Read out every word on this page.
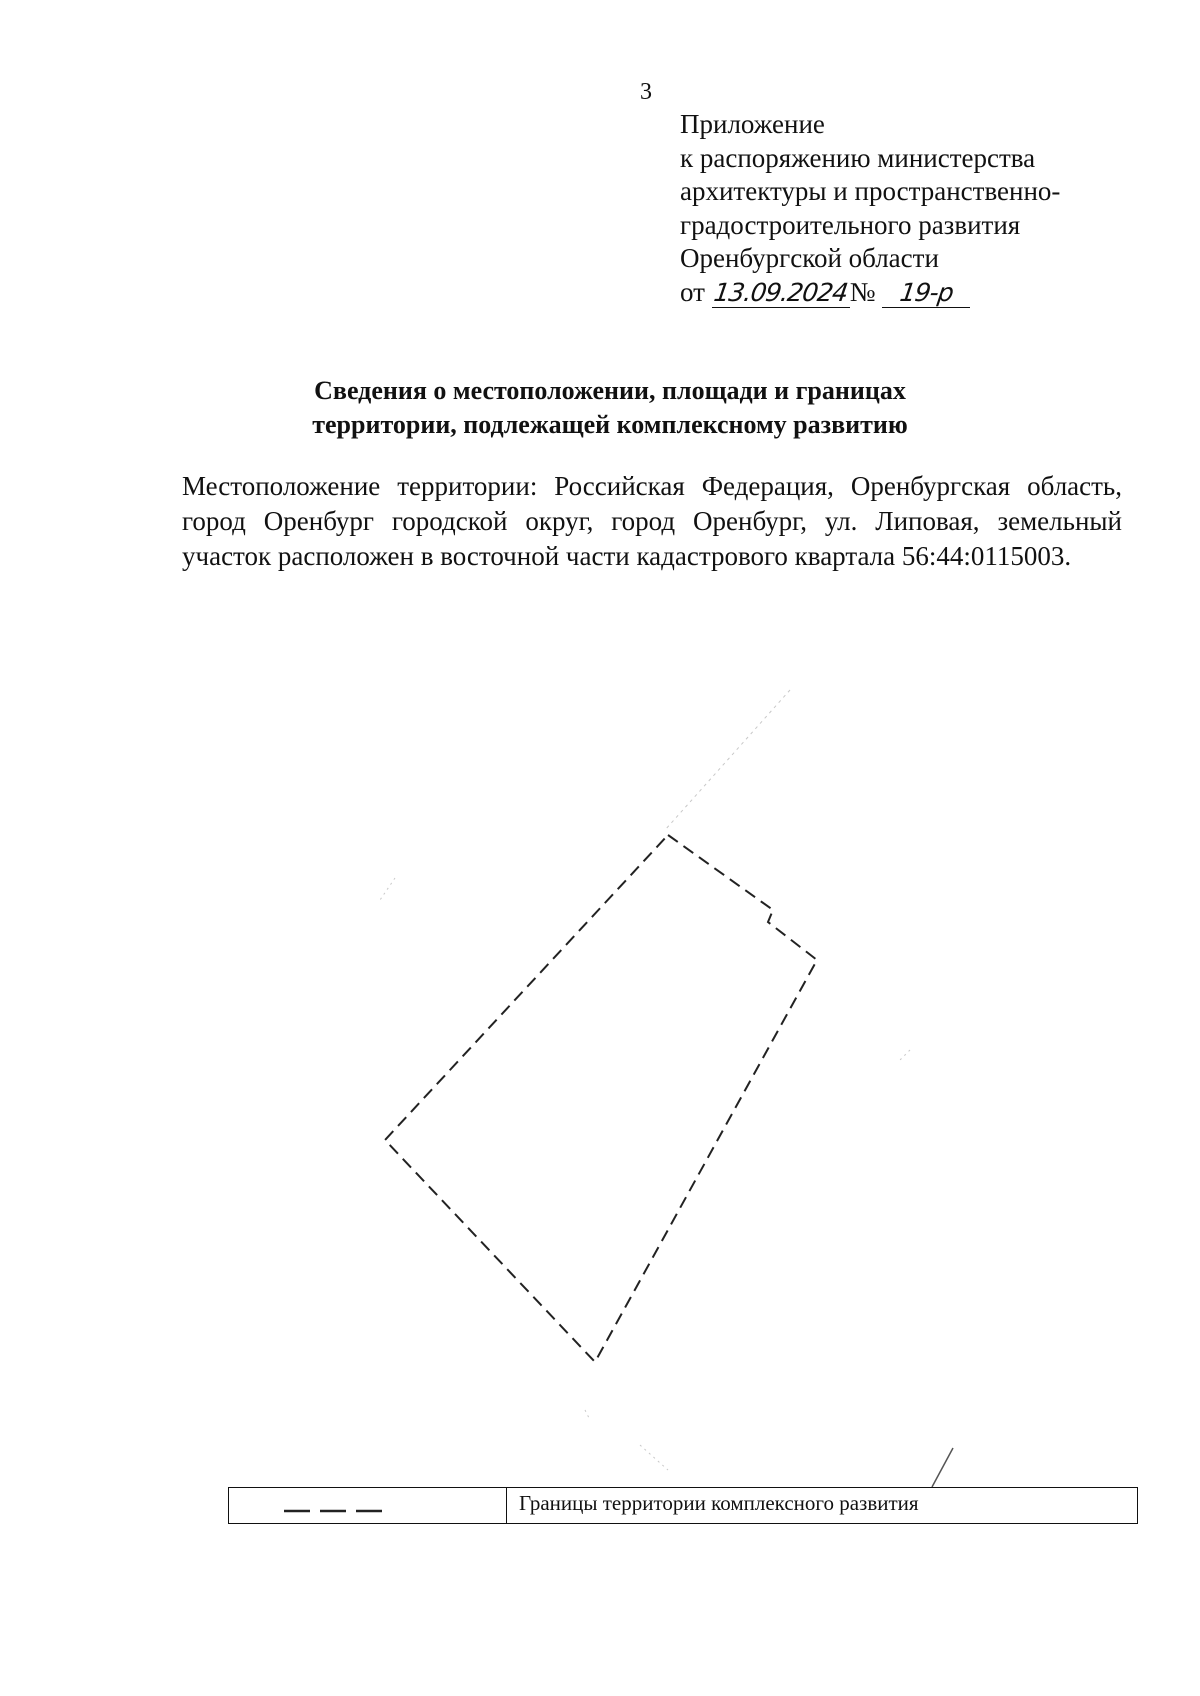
3
Приложение
к распоряжению министерства
архитектуры и пространственно-
градостроительного развития
Оренбургской области
от 13.09.2024№ 19-р
Сведения о местоположении, площади и границах
территории, подлежащей комплексному развитию
Местоположение территории: Российская Федерация, Оренбургская область, город Оренбург городской округ, город Оренбург, ул. Липовая, земельный участок расположен в восточной части кадастрового квартала 56:44:0115003.
Границы территории комплексного развития
